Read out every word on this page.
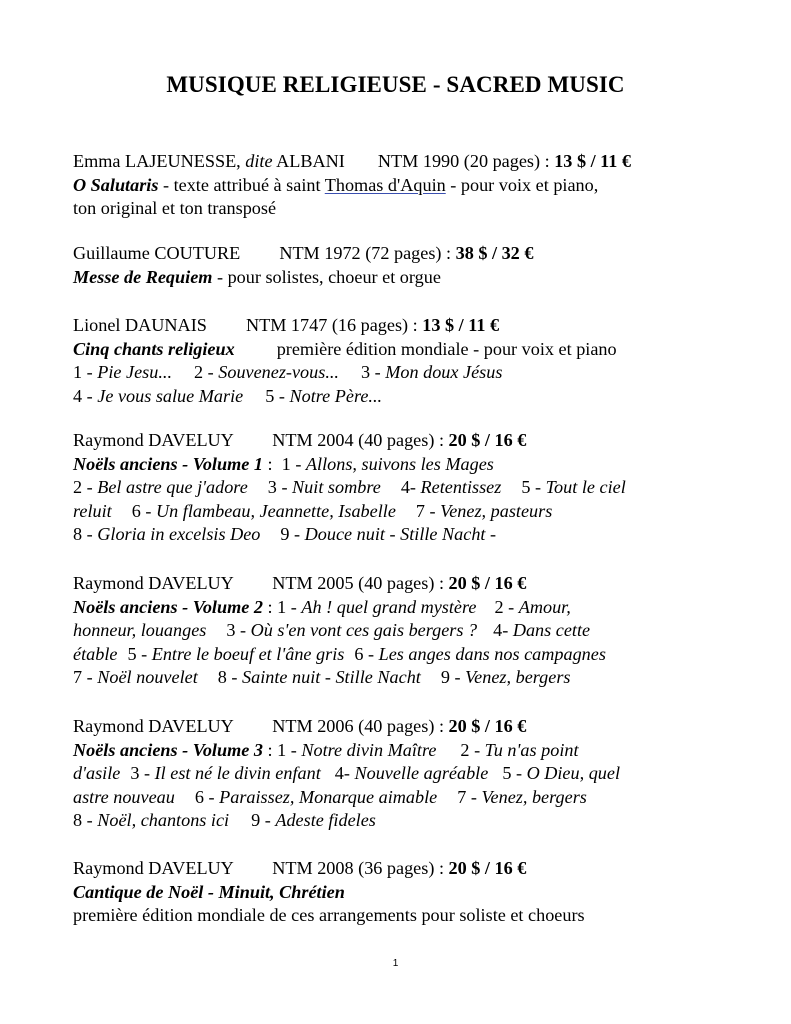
MUSIQUE RELIGIEUSE - SACRED MUSIC
Emma LAJEUNESSE, dite ALBANI NTM 1990 (20 pages) : 13 $ / 11 €
O Salutaris - texte attribué à saint Thomas d'Aquin - pour voix et piano,
ton original et ton transposé
Guillaume COUTURE NTM 1972 (72 pages) : 38 $ / 32 €
Messe de Requiem - pour solistes, choeur et orgue
Lionel DAUNAIS NTM 1747 (16 pages) : 13 $ / 11 €
Cinq chants religieux première édition mondiale - pour voix et piano
1 - Pie Jesu... 2 - Souvenez-vous... 3 - Mon doux Jésus
4 - Je vous salue Marie 5 - Notre Père...
Raymond DAVELUY NTM 2004 (40 pages) : 20 $ / 16 €
Noëls anciens - Volume 1 : 1 - Allons, suivons les Mages
2 - Bel astre que j'adore 3 - Nuit sombre 4- Retentissez 5 - Tout le ciel
reluit 6 - Un flambeau, Jeannette, Isabelle 7 - Venez, pasteurs
8 - Gloria in excelsis Deo 9 - Douce nuit - Stille Nacht -
Raymond DAVELUY NTM 2005 (40 pages) : 20 $ / 16 €
Noëls anciens - Volume 2 : 1 - Ah ! quel grand mystère 2 - Amour,
honneur, louanges 3 - Où s'en vont ces gais bergers ? 4- Dans cette
étable 5 - Entre le boeuf et l'âne gris 6 - Les anges dans nos campagnes
7 - Noël nouvelet 8 - Sainte nuit - Stille Nacht 9 - Venez, bergers
Raymond DAVELUY NTM 2006 (40 pages) : 20 $ / 16 €
Noëls anciens - Volume 3 : 1 - Notre divin Maître 2 - Tu n'as point
d'asile 3 - Il est né le divin enfant 4- Nouvelle agréable 5 - O Dieu, quel
astre nouveau 6 - Paraissez, Monarque aimable 7 - Venez, bergers
8 - Noël, chantons ici 9 - Adeste fideles
Raymond DAVELUY NTM 2008 (36 pages) : 20 $ / 16 €
Cantique de Noël - Minuit, Chrétien
première édition mondiale de ces arrangements pour soliste et choeurs
1
